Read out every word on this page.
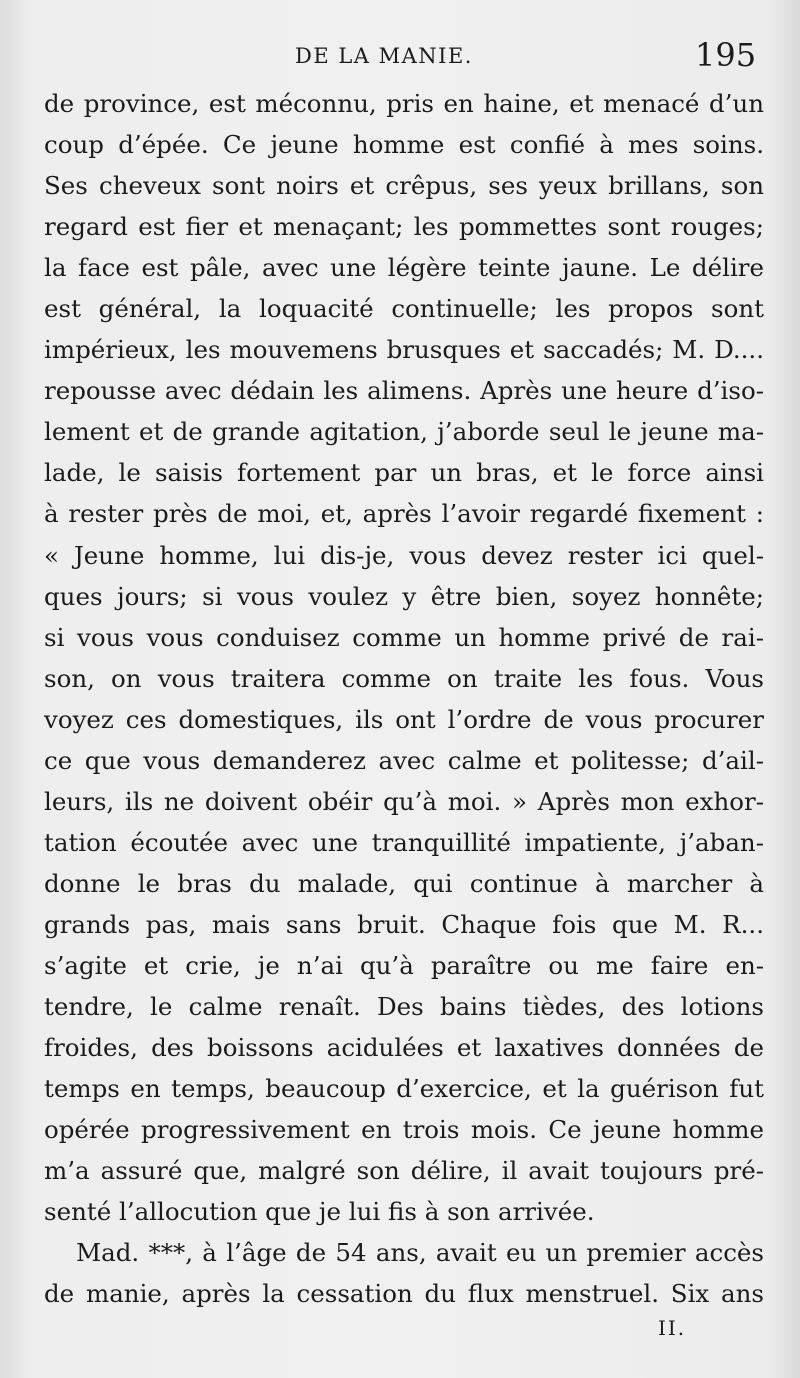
DE LA MANIE.	195
de province, est méconnu, pris en haine, et menacé d’un
coup d’épée. Ce jeune homme est confié à mes soins.
Ses cheveux sont noirs et crêpus, ses yeux brillans, son
regard est fier et menaçant; les pommettes sont rouges;
la face est pâle, avec une légère teinte jaune. Le délire
est général, la loquacité continuelle; les propos sont
impérieux, les mouvemens brusques et saccadés; M. D....
repousse avec dédain les alimens. Après une heure d’iso-
lement et de grande agitation, j’aborde seul le jeune ma-
lade, le saisis fortement par un bras, et le force ainsi
à rester près de moi, et, après l’avoir regardé fixement :
« Jeune homme, lui dis-je, vous devez rester ici quel-
ques jours; si vous voulez y être bien, soyez honnête;
si vous vous conduisez comme un homme privé de rai-
son, on vous traitera comme on traite les fous. Vous
voyez ces domestiques, ils ont l’ordre de vous procurer
ce que vous demanderez avec calme et politesse; d’ail-
leurs, ils ne doivent obéir qu’à moi. » Après mon exhor-
tation écoutée avec une tranquillité impatiente, j’aban-
donne le bras du malade, qui continue à marcher à
grands pas, mais sans bruit. Chaque fois que M. R...
s’agite et crie, je n’ai qu’à paraître ou me faire en-
tendre, le calme renaît. Des bains tièdes, des lotions
froides, des boissons acidulées et laxatives données de
temps en temps, beaucoup d’exercice, et la guérison fut
opérée progressivement en trois mois. Ce jeune homme
m’a assuré que, malgré son délire, il avait toujours pré-
senté l’allocution que je lui fis à son arrivée.
Mad. ***, à l’âge de 54 ans, avait eu un premier accès
de manie, après la cessation du flux menstruel. Six ans
II.
